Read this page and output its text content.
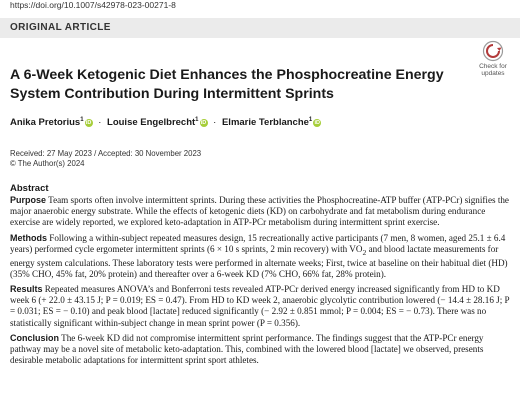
https://doi.org/10.1007/s42978-023-00271-8
ORIGINAL ARTICLE
Check for
updates
A 6-Week Ketogenic Diet Enhances the Phosphocreatine Energy System Contribution During Intermittent Sprints
Anika Pretorius$^1$iD · Louise Engelbrecht$^1$iD · Elmarie Terblanche$^1$iD
Received: 27 May 2023 / Accepted: 30 November 2023
© The Author(s) 2024
Abstract

Purpose Team sports often involve intermittent sprints. During these activities the Phosphocreatine-ATP buffer (ATP-PCr) signifies the major anaerobic energy substrate. While the effects of ketogenic diets (KD) on carbohydrate and fat metabolism during endurance exercise are widely reported, we explored keto-adaptation in ATP-PCr metabolism during intermittent sprint exercise.

Methods Following a within-subject repeated measures design, 15 recreationally active participants (7 men, 8 women, aged 25.1 ± 6.4 years) performed cycle ergometer intermittent sprints (6 × 10 s sprints, 2 min recovery) with $VO_2$ and blood lactate measurements for energy system calculations. These laboratory tests were performed in alternate weeks; First, twice at baseline on their habitual diet (HD) (35% CHO, 45% fat, 20% protein) and thereafter over a 6-week KD (7% CHO, 66% fat, 28% protein).

Results Repeated measures ANOVA’s and Bonferroni tests revealed ATP-PCr derived energy increased significantly from HD to KD week 6 (+ 22.0 ± 43.15 J; P = 0.019; ES = 0.47). From HD to KD week 2, anaerobic glycolytic contribution lowered (− 14.4 ± 28.16 J; P = 0.031; ES = − 0.10) and peak blood [lactate] reduced significantly (− 2.92 ± 0.851 mmol; P = 0.004; ES = − 0.73). There was no statistically significant within-subject change in mean sprint power (P = 0.356).

Conclusion The 6-week KD did not compromise intermittent sprint performance. The findings suggest that the ATP-PCr energy pathway may be a novel site of metabolic keto-adaptation. This, combined with the lowered blood [lactate] we observed, presents desirable metabolic adaptations for intermittent sprint sport athletes.
